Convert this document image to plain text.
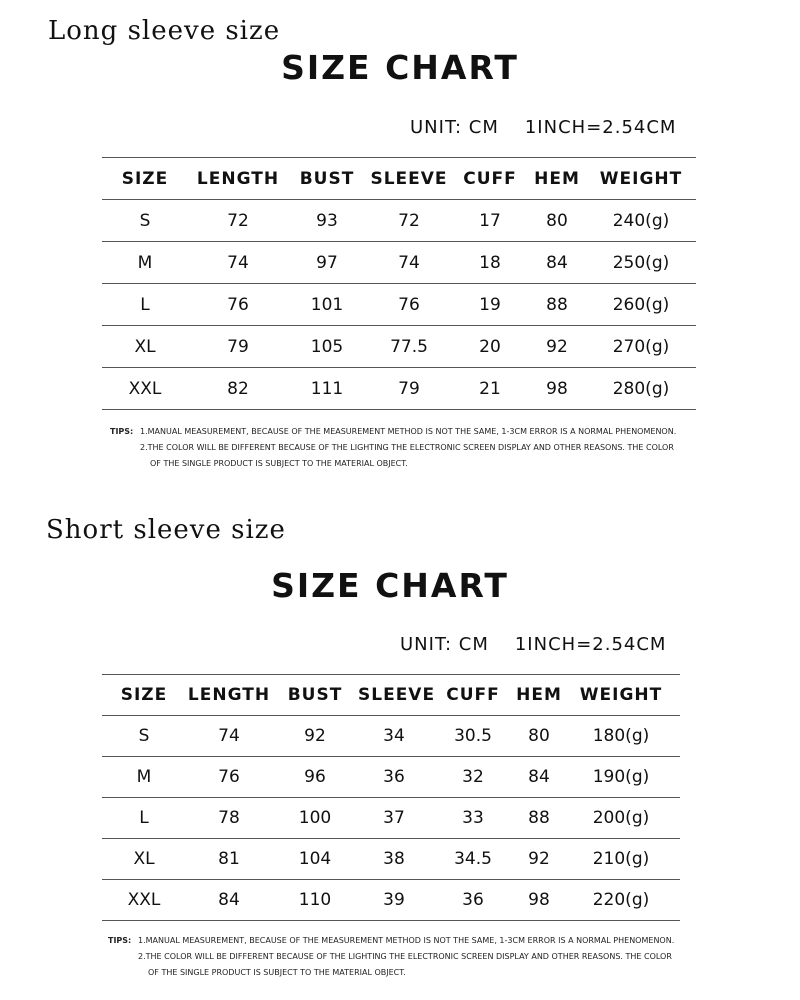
Long sleeve size
SIZE CHART
UNIT: CM 1INCH=2.54CM
SIZE	LENGTH	BUST	SLEEVE	CUFF	HEM	WEIGHT
S	72	93	72	17	80	240(g)
M	74	97	74	18	84	250(g)
L	76	101	76	19	88	260(g)
XL	79	105	77.5	20	92	270(g)
XXL	82	111	79	21	98	280(g)
TIPS: 1.MANUAL MEASUREMENT, BECAUSE OF THE MEASUREMENT METHOD IS NOT THE SAME, 1-3CM ERROR IS A NORMAL PHENOMENON.
2.THE COLOR WILL BE DIFFERENT BECAUSE OF THE LIGHTING THE ELECTRONIC SCREEN DISPLAY AND OTHER REASONS. THE COLOR
OF THE SINGLE PRODUCT IS SUBJECT TO THE MATERIAL OBJECT.
Short sleeve size
SIZE CHART
UNIT: CM 1INCH=2.54CM
SIZE	LENGTH	BUST	SLEEVE	CUFF	HEM	WEIGHT
S	74	92	34	30.5	80	180(g)
M	76	96	36	32	84	190(g)
L	78	100	37	33	88	200(g)
XL	81	104	38	34.5	92	210(g)
XXL	84	110	39	36	98	220(g)
TIPS: 1.MANUAL MEASUREMENT, BECAUSE OF THE MEASUREMENT METHOD IS NOT THE SAME, 1-3CM ERROR IS A NORMAL PHENOMENON.
2.THE COLOR WILL BE DIFFERENT BECAUSE OF THE LIGHTING THE ELECTRONIC SCREEN DISPLAY AND OTHER REASONS. THE COLOR
OF THE SINGLE PRODUCT IS SUBJECT TO THE MATERIAL OBJECT.
